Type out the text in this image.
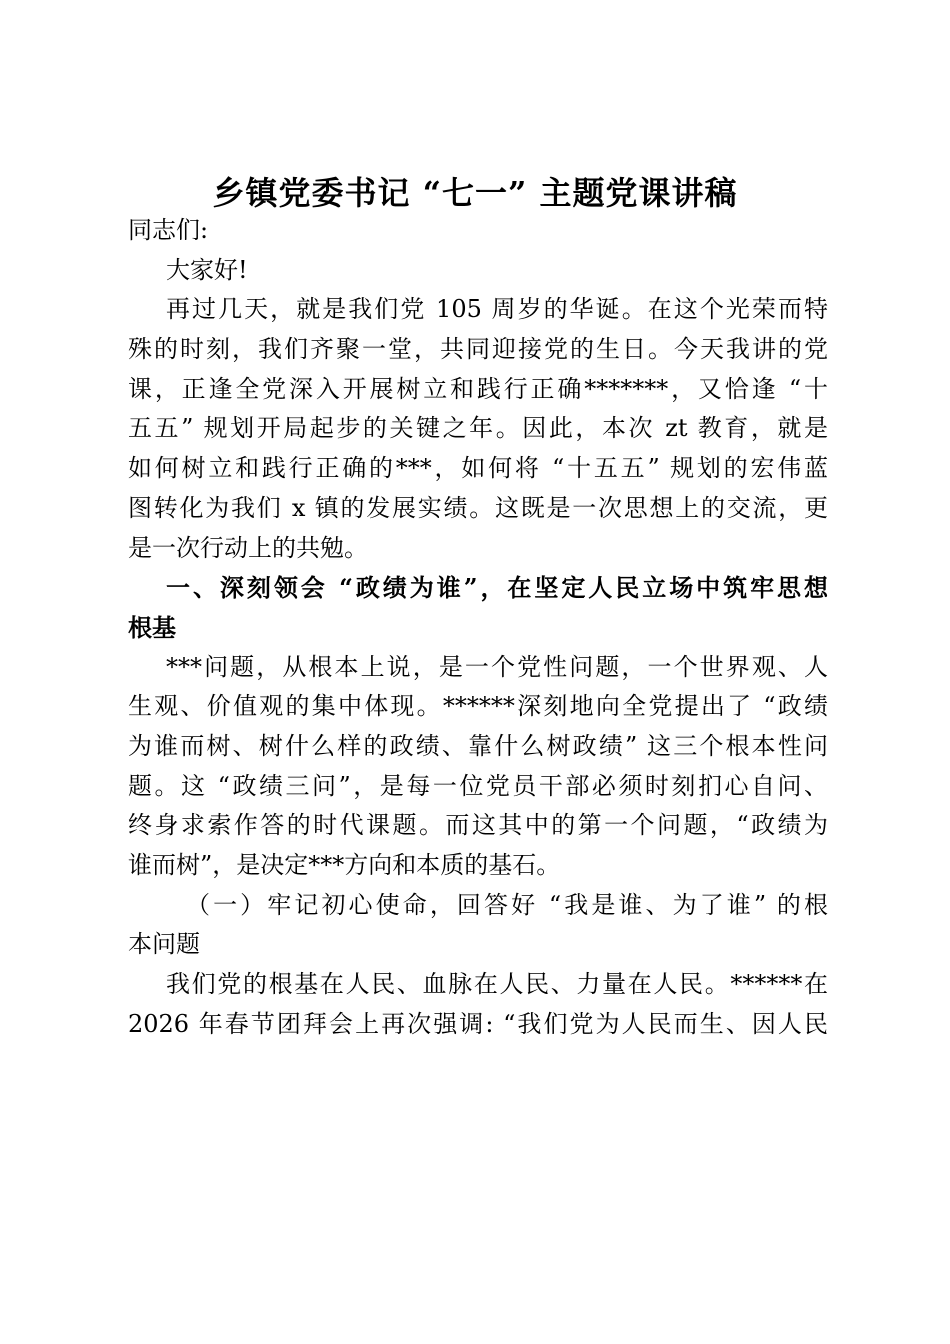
乡镇党委书记 “七一” 主题党课讲稿
同志们:
大家好!
再过几天，就是我们党 105 周岁的华诞。在这个光荣而特
殊的时刻，我们齐聚一堂，共同迎接党的生日。今天我讲的党
课，正逢全党深入开展树立和践行正确*******，又恰逢 “十
五五” 规划开局起步的关键之年。因此，本次 zt 教育，就是
如何树立和践行正确的***，如何将 “十五五” 规划的宏伟蓝
图转化为我们 x 镇的发展实绩。这既是一次思想上的交流，更
是一次行动上的共勉。
一、深刻领会 “政绩为谁”，在坚定人民立场中筑牢思想
根基
***问题，从根本上说，是一个党性问题，一个世界观、人
生观、价值观的集中体现。******深刻地向全党提出了 “政绩
为谁而树、树什么样的政绩、靠什么树政绩” 这三个根本性问
题。这 “政绩三问”，是每一位党员干部必须时刻扪心自问、
终身求索作答的时代课题。而这其中的第一个问题，“政绩为
谁而树”，是决定***方向和本质的基石。
（一）牢记初心使命，回答好 “我是谁、为了谁” 的根
本问题
我们党的根基在人民、血脉在人民、力量在人民。******在
2026 年春节团拜会上再次强调: “我们党为人民而生、因人民
